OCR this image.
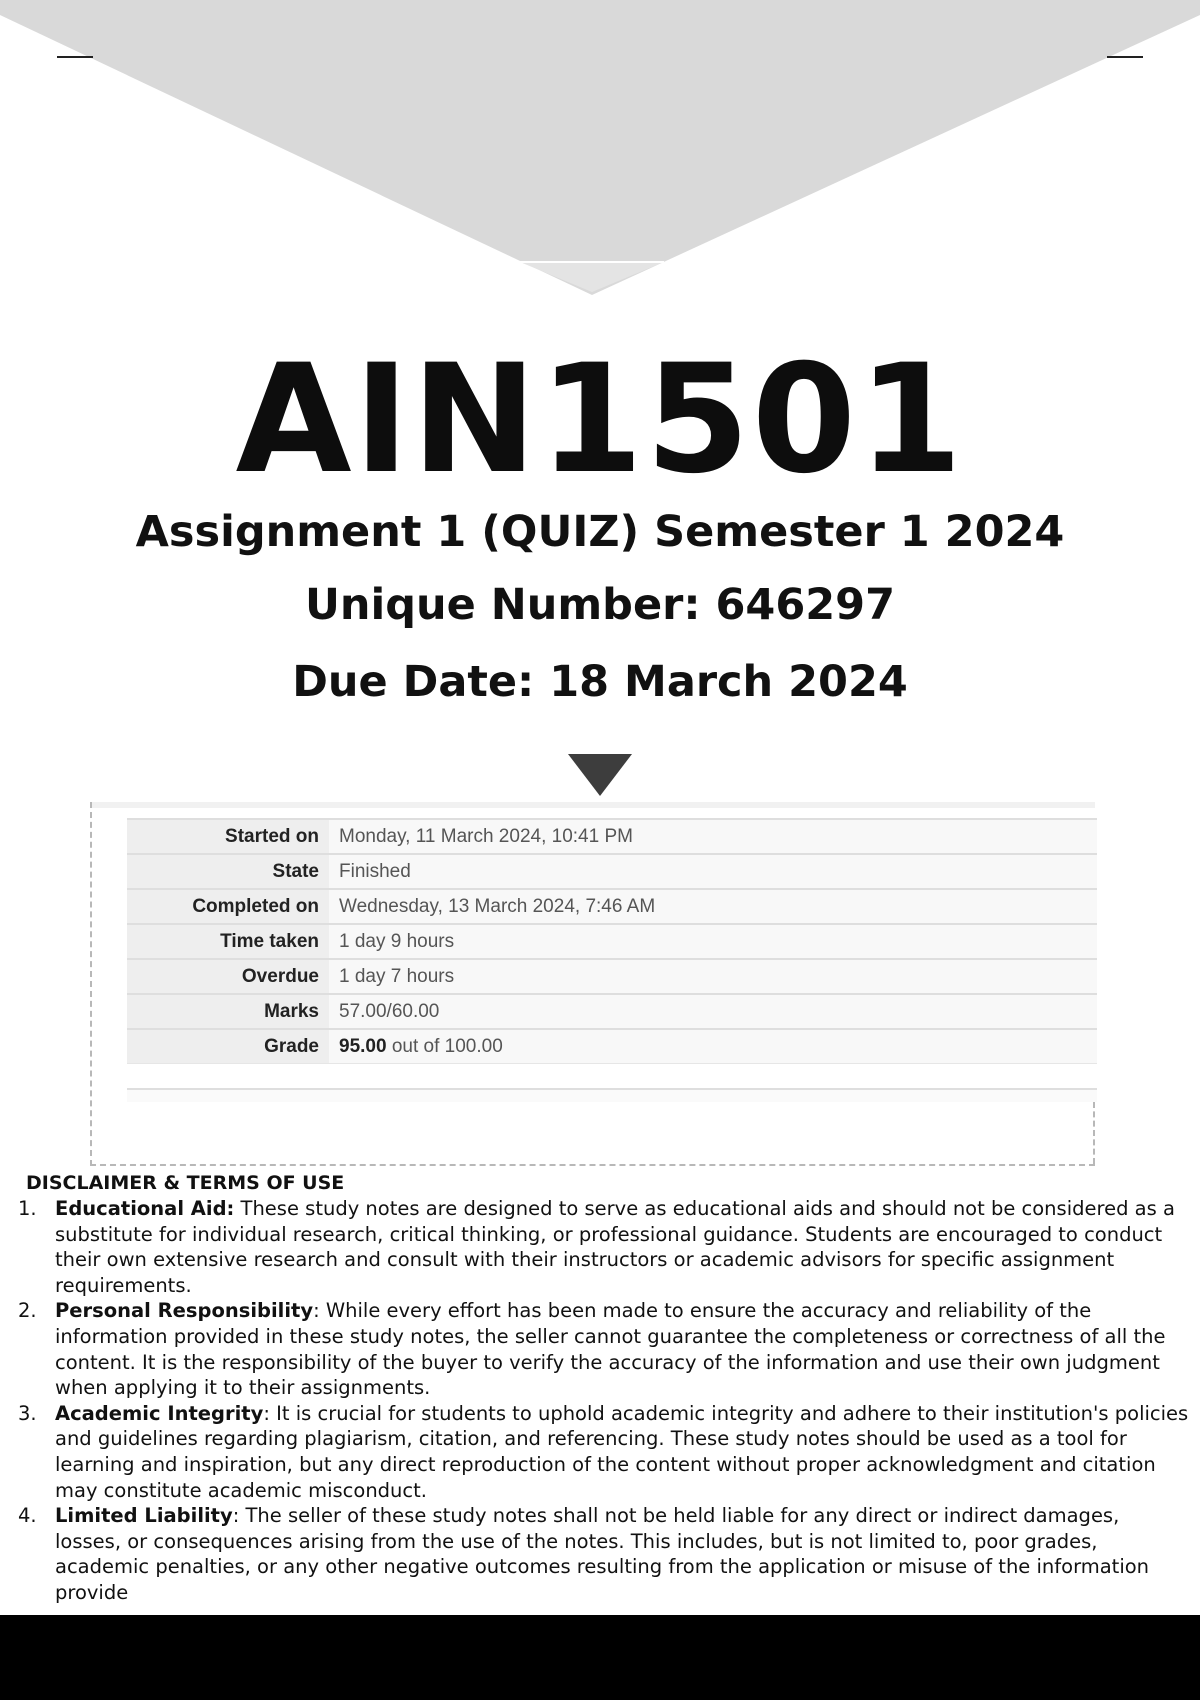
AIN1501
Assignment 1 (QUIZ) Semester 1 2024
Unique Number: 646297
Due Date: 18 March 2024
Started on	Monday, 11 March 2024, 10:41 PM
State	Finished
Completed on	Wednesday, 13 March 2024, 7:46 AM
Time taken	1 day 9 hours
Overdue	1 day 7 hours
Marks	57.00/60.00
Grade	95.00 out of 100.00
DISCLAIMER & TERMS OF USE
1. Educational Aid: These study notes are designed to serve as educational aids and should not be considered as a substitute for individual research, critical thinking, or professional guidance. Students are encouraged to conduct their own extensive research and consult with their instructors or academic advisors for specific assignment requirements.
2. Personal Responsibility: While every effort has been made to ensure the accuracy and reliability of the information provided in these study notes, the seller cannot guarantee the completeness or correctness of all the content. It is the responsibility of the buyer to verify the accuracy of the information and use their own judgment when applying it to their assignments.
3. Academic Integrity: It is crucial for students to uphold academic integrity and adhere to their institution's policies and guidelines regarding plagiarism, citation, and referencing. These study notes should be used as a tool for learning and inspiration, but any direct reproduction of the content without proper acknowledgment and citation may constitute academic misconduct.
4. Limited Liability: The seller of these study notes shall not be held liable for any direct or indirect damages, losses, or consequences arising from the use of the notes. This includes, but is not limited to, poor grades, academic penalties, or any other negative outcomes resulting from the application or misuse of the information provide
